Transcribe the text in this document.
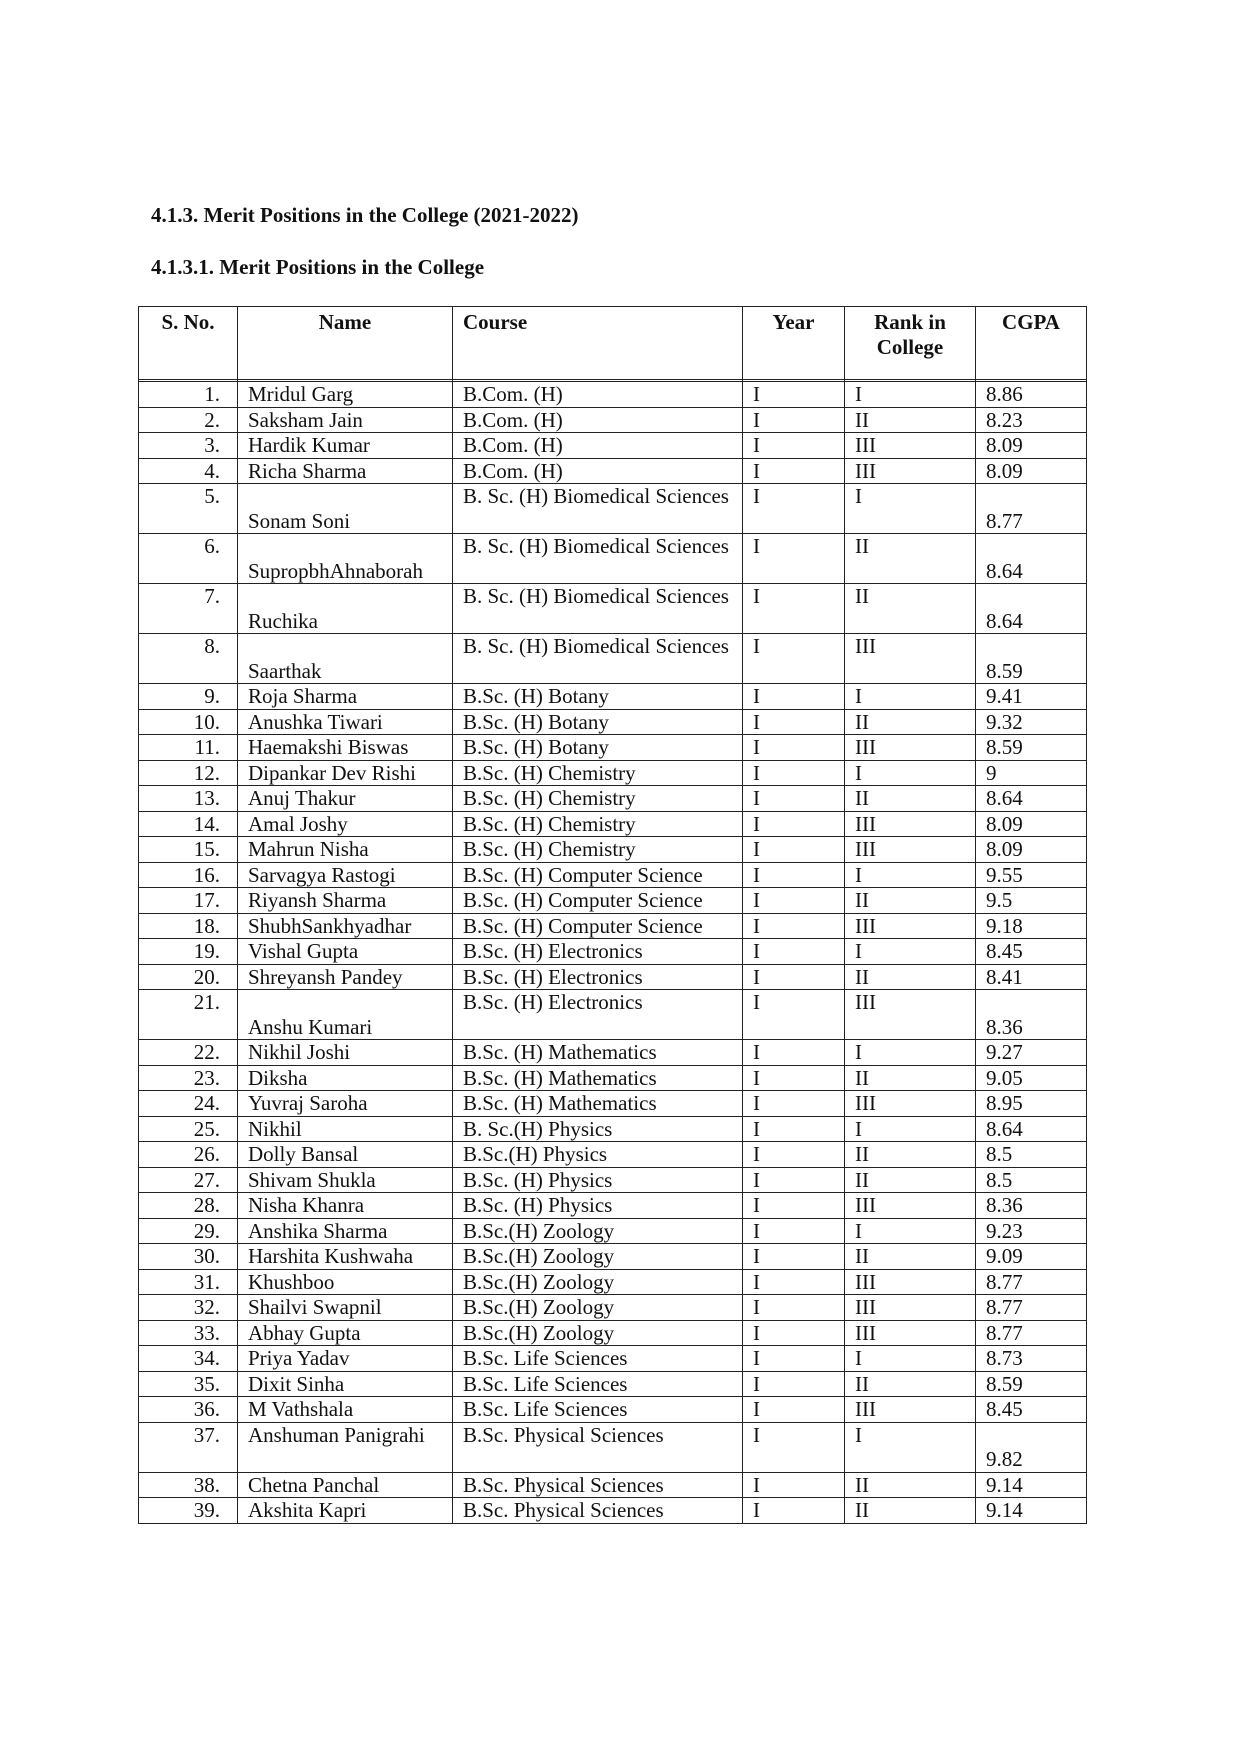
4.1.3. Merit Positions in the College (2021-2022)
4.1.3.1. Merit Positions in the College
S. No.	Name	Course	Year	Rank in College	CGPA

1.	Mridul Garg	B.Com. (H)	I	I	8.86
2.	Saksham Jain	B.Com. (H)	I	II	8.23
3.	Hardik Kumar	B.Com. (H)	I	III	8.09
4.	Richa Sharma	B.Com. (H)	I	III	8.09
5.	Sonam Soni	B. Sc. (H) Biomedical Sciences	I	I	8.77
6.	SupropbhAhnaborah	B. Sc. (H) Biomedical Sciences	I	II	8.64
7.	Ruchika	B. Sc. (H) Biomedical Sciences	I	II	8.64
8.	Saarthak	B. Sc. (H) Biomedical Sciences	I	III	8.59
9.	Roja Sharma	B.Sc. (H) Botany	I	I	9.41
10.	Anushka Tiwari	B.Sc. (H) Botany	I	II	9.32
11.	Haemakshi Biswas	B.Sc. (H) Botany	I	III	8.59
12.	Dipankar Dev Rishi	B.Sc. (H) Chemistry	I	I	9
13.	Anuj Thakur	B.Sc. (H) Chemistry	I	II	8.64
14.	Amal Joshy	B.Sc. (H) Chemistry	I	III	8.09
15.	Mahrun Nisha	B.Sc. (H) Chemistry	I	III	8.09
16.	Sarvagya Rastogi	B.Sc. (H) Computer Science	I	I	9.55
17.	Riyansh Sharma	B.Sc. (H) Computer Science	I	II	9.5
18.	ShubhSankhyadhar	B.Sc. (H) Computer Science	I	III	9.18
19.	Vishal Gupta	B.Sc. (H) Electronics	I	I	8.45
20.	Shreyansh Pandey	B.Sc. (H) Electronics	I	II	8.41
21.	Anshu Kumari	B.Sc. (H) Electronics	I	III	8.36
22.	Nikhil Joshi	B.Sc. (H) Mathematics	I	I	9.27
23.	Diksha	B.Sc. (H) Mathematics	I	II	9.05
24.	Yuvraj Saroha	B.Sc. (H) Mathematics	I	III	8.95
25.	Nikhil	B. Sc.(H) Physics	I	I	8.64
26.	Dolly Bansal	B.Sc.(H) Physics	I	II	8.5
27.	Shivam Shukla	B.Sc. (H) Physics	I	II	8.5
28.	Nisha Khanra	B.Sc. (H) Physics	I	III	8.36
29.	Anshika Sharma	B.Sc.(H) Zoology	I	I	9.23
30.	Harshita Kushwaha	B.Sc.(H) Zoology	I	II	9.09
31.	Khushboo	B.Sc.(H) Zoology	I	III	8.77
32.	Shailvi Swapnil	B.Sc.(H) Zoology	I	III	8.77
33.	Abhay Gupta	B.Sc.(H) Zoology	I	III	8.77
34.	Priya Yadav	B.Sc. Life Sciences	I	I	8.73
35.	Dixit Sinha	B.Sc. Life Sciences	I	II	8.59
36.	M Vathshala	B.Sc. Life Sciences	I	III	8.45
37.	Anshuman Panigrahi	B.Sc. Physical Sciences	I	I	9.82
38.	Chetna Panchal	B.Sc. Physical Sciences	I	II	9.14
39.	Akshita Kapri	B.Sc. Physical Sciences	I	II	9.14
